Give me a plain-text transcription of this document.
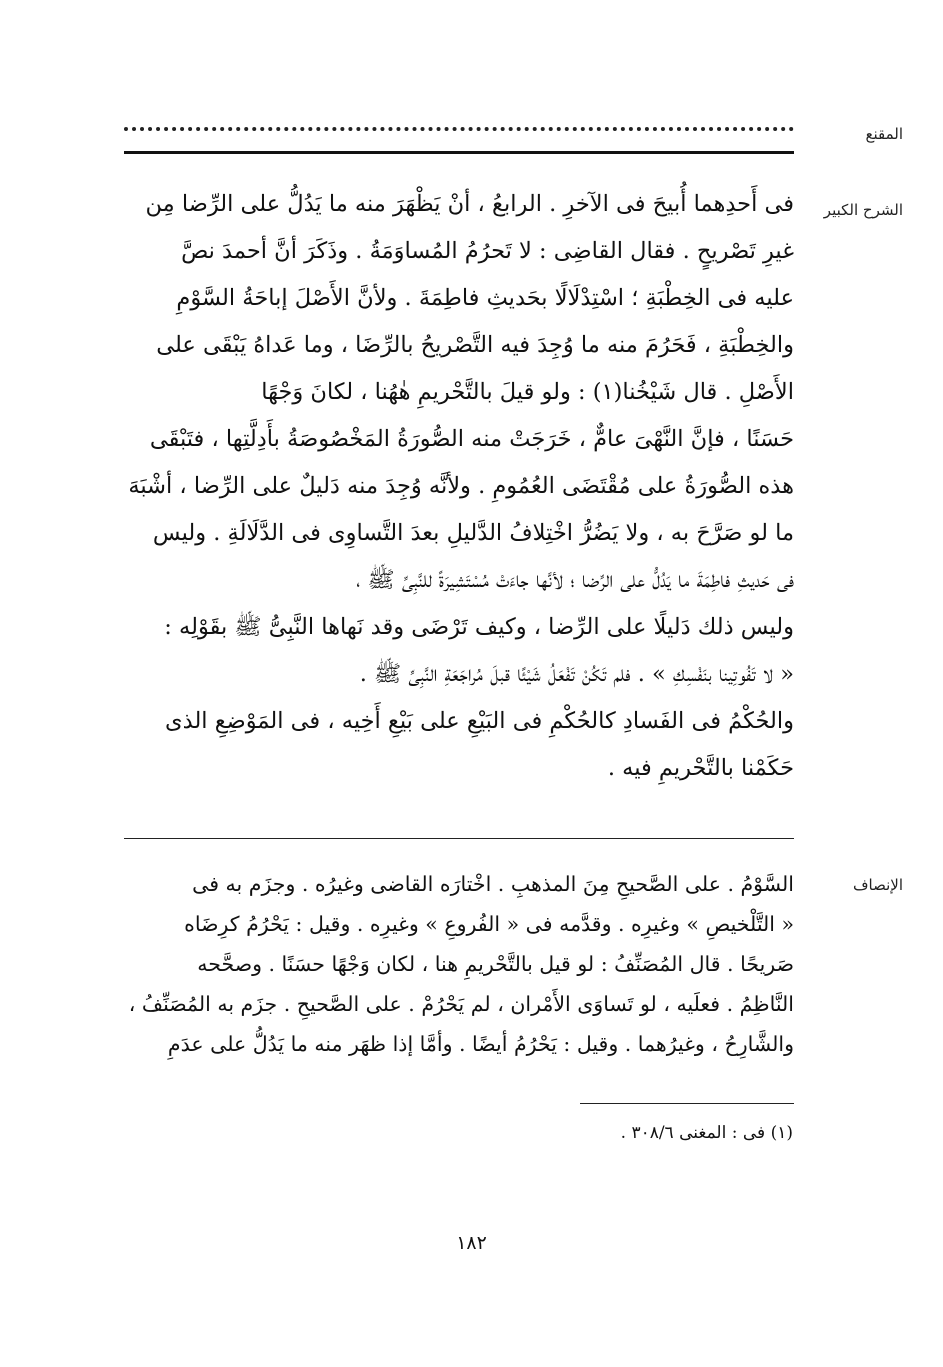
المقنع
الشرح الكبير
فى أَحدِهما أُبيحَ فى الآخرِ . الرابعُ ، أنْ يَظْهَرَ منه ما يَدُلُّ على الرِّضا مِن
غيرِ تَصْريحٍ . فقال القاضِى : لا تَحرُمُ المُساوَمَةُ . وذَكَرَ أنَّ أحمدَ نصَّ
عليه فى الخِطْبَةِ ؛ اسْتِدْلَالًا بحَديثِ فاطِمَةَ . ولأنَّ الأَصْلَ إباحَةُ السَّوْمِ
والخِطْبَةِ ، فَحَرُمَ منه ما وُجِدَ فيه التَّصْريحُ بالرِّضَا ، وما عَداهُ يَبْقَى على
الأَصْلِ . قال شَيْخُنا(١) : ولو قيلَ بالتَّحْريمِ هٰهُنا ، لكانَ وَجْهًا
حَسَنًا ، فإنَّ النَّهْىَ عامٌّ ، خَرَجَتْ منه الصُّورَةُ المَخْصُوصَةُ بأَدِلَّتِها ، فتَبْقَى
هذه الصُّورَةُ على مُقْتَضَى العُمُومِ . ولأنَّه وُجِدَ منه دَليلٌ على الرِّضا ، أشْبَهَ
ما لو صَرَّحَ به ، ولا يَضُرُّ اخْتِلافُ الدَّليلِ بعدَ التَّساوِى فى الدَّلَالَةِ . وليس
فى حَديثِ فاطِمَةَ ما يَدُلُّ على الرِّضا ؛ لأنَّها جاءَتْ مُسْتَشِيرَةً للنَّبِىِّ ﷺ ،
وليس ذلك دَليلًا على الرِّضا ، وكيف تَرْضَى وقد نَهاها النَّبِىُّ ﷺ بقَوْلِه :
« لا تَفُوتِينا بنَفْسِكِ » . فلم تَكُنْ تَفْعَلُ شَيْئًا قبلَ مُراجَعَةِ النَّبِىِّ ﷺ .
والحُكْمُ فى الفَسادِ كالحُكْمِ فى البَيْعِ على بَيْعِ أَخِيه ، فى المَوْضِعِ الذى
حَكَمْنا بالتَّحْريمِ فيه .
الإنصاف
السَّوْمُ . على الصَّحيحِ مِنَ المذهبِ . اخْتارَه القاضى وغيرُه . وجزَم به فى
« التَّلْخيصِ » وغيرِه . وقدَّمه فى « الفُروعِ » وغيرِه . وقيل : يَحْرُمُ كرِضَاه
صَريحًا . قال المُصَنِّفُ : لو قيل بالتَّحْريمِ هنا ، لكان وَجْهًا حسَنًا . وصحَّحه
النَّاظِمُ . فعلَيه ، لو تَساوَى الأَمْران ، لم يَحْرُمْ . على الصَّحيحِ . جزَم به المُصَنِّفُ ،
والشَّارِحُ ، وغيرُهما . وقيل : يَحْرُمُ أيضًا . وأمَّا إذا ظهَر منه ما يَدُلُّ على عدَمِ
(١) فى : المغنى ٣٠٨/٦ .
١٨٢
